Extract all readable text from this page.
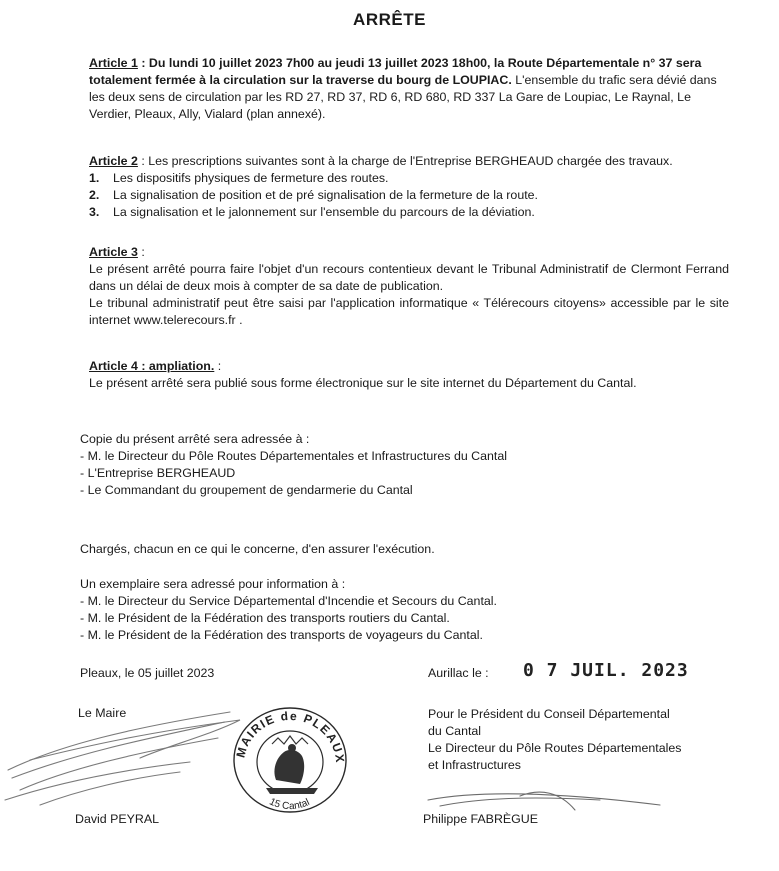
ARRÊTE
Article 1 : Du lundi 10 juillet 2023 7h00 au jeudi 13 juillet 2023 18h00, la Route Départementale n° 37 sera totalement fermée à la circulation sur la traverse du bourg de LOUPIAC. L'ensemble du trafic sera dévié dans les deux sens de circulation par les RD 27, RD 37, RD 6, RD 680, RD 337 La Gare de Loupiac, Le Raynal, Le Verdier, Pleaux, Ally, Vialard (plan annexé).
Article 2 : Les prescriptions suivantes sont à la charge de l'Entreprise BERGHEAUD chargée des travaux.
1.	Les dispositifs physiques de fermeture des routes.
2.	La signalisation de position et de pré signalisation de la fermeture de la route.
3.	La signalisation et le jalonnement sur l'ensemble du parcours de la déviation.
Article 3 :
Le présent arrêté pourra faire l'objet d'un recours contentieux devant le Tribunal Administratif de Clermont Ferrand dans un délai de deux mois à compter de sa date de publication.
Le tribunal administratif peut être saisi par l'application informatique « Télérecours citoyens» accessible par le site internet www.telerecours.fr .
Article 4 : ampliation. :
Le présent arrêté sera publié sous forme électronique sur le site internet du Département du Cantal.
Copie du présent arrêté sera adressée à :
- M. le Directeur du Pôle Routes Départementales et Infrastructures du Cantal
- L'Entreprise BERGHEAUD
- Le Commandant du groupement de gendarmerie du Cantal
Chargés, chacun en ce qui le concerne, d'en assurer l'exécution.
Un exemplaire sera adressé pour information à :
- M. le Directeur du Service Départemental d'Incendie et Secours du Cantal.
- M. le Président de la Fédération des transports routiers du Cantal.
- M. le Président de la Fédération des transports de voyageurs du Cantal.
Pleaux, le 05 juillet 2023
Le Maire
David PEYRAL
Aurillac le : 0 7 JUIL. 2023
Pour le Président du Conseil Départemental
du Cantal
Le Directeur du Pôle Routes Départementales
et Infrastructures
Philippe FABRÈGUE
MAIRIE de PLEAUX
15 Cantal
